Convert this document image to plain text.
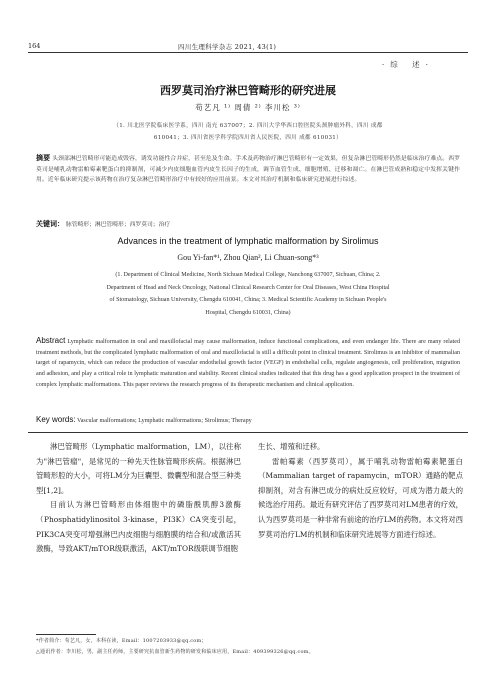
164	四川生理科学杂志 2021, 43(1)
·综 述·
西罗莫司治疗淋巴管畸形的研究进展
苟艺凡 ¹⁾ 周倩 ²⁾ 李川松 ³⁾
（1. 川北医学院临床医学系，四川 南充 637007；2. 四川大学华西口腔医院头颈肿瘤外科，四川 成都
610041；3. 四川省医学科学院四川省人民医院，四川 成都 610031）
摘要 头颈部淋巴管畸形可能造成毁容，诱发功能性合并症，甚至危及生命。手术及药物治疗淋巴管畸形有一定效果，但复杂淋巴管畸形仍然是临床治疗难点。西罗莫司是哺乳动物雷帕霉素靶蛋白的抑制剂，可减少内皮细胞血管内皮生长因子的生成，调节血管生成、细胞增殖、迁移和凋亡。在淋巴管成熟和稳定中发挥关键作用。近年临床研究提示该药物在治疗复杂淋巴管畸形治疗中有较好的应用前景。本文对其治疗机制和临床研究进展进行综述。
关键词： 脉管畸形；淋巴管畸形；西罗莫司；治疗
Advances in the treatment of lymphatic malformation by Sirolimus
Gou Yi-fan*¹, Zhou Qian², Li Chuan-song*³
(1. Department of Clinical Medicine, North Sichuan Medical College, Nanchong 637007, Sichuan, China; 2.
Department of Head and Neck Oncology, National Clinical Research Center for Oral Diseases, West China Hospital
of Stomatology, Sichuan University, Chengdu 610041, China; 3. Medical Scientific Academy in Sichuan People's
Hospital, Chengdu 610031, China)
Abstract Lymphatic malformation in oral and maxillofacial may cause malformation, induce functional complications, and even endanger life. There are many related treatment methods, but the complicated lymphatic malformation of oral and maxillofacial is still a difficult point in clinical treatment. Sirolimus is an inhibitor of mammalian target of rapamycin, which can reduce the production of vascular endothelial growth factor (VEGF) in endothelial cells, regulate angiogenesis, cell proliferation, migration and adhesion, and play a critical role in lymphatic maturation and stability. Recent clinical studies indicated that this drug has a good application prospect in the treatment of complex lymphatic malformations. This paper reviews the research progress of its therapeutic mechanism and clinical application.
Key words: Vascular malformations; Lymphatic malformations; Sirolimus; Therapy

淋巴管畸形（Lymphatic malformation，LM），以往称为"淋巴管瘤"，是常见的一种先天性脉管畸形疾病。根据淋巴管畸形腔的大小，可将LM分为巨囊型、微囊型和混合型三种类型[1,2]。

目前认为淋巴管畸形由体细胞中的磷脂酰肌醇3激酶（Phosphatidylinositol 3-kinase，PI3K）CA突变引起，PIK3CA突变可增强淋巴内皮细胞与细胞膜的结合和/或激活其激酶，导致AKT/mTOR级联激活，AKT/mTOR级联调节细胞

生长、增殖和迁移。

雷帕霉素（西罗莫司），属于哺乳动物雷帕霉素靶蛋白（Mammalian target of rapamycin，mTOR）通路的靶点抑制剂，对含有淋巴成分的病灶反应较好，可成为潜力最大的候选治疗用药。最近有研究评估了西罗莫司对LM患者的疗效，认为西罗莫司是一种非常有前途的治疗LM的药物。本文将对西罗莫司治疗LM的机制和临床研究进展等方面进行综述。

*作者简介：苟艺凡，女，本科在读，Email：1007203933@qq.com；
△通讯作者：李川松，男，副主任药师，主要研究抗血管新生药物的研发和临床应用，Email：409399326@qq.com。
